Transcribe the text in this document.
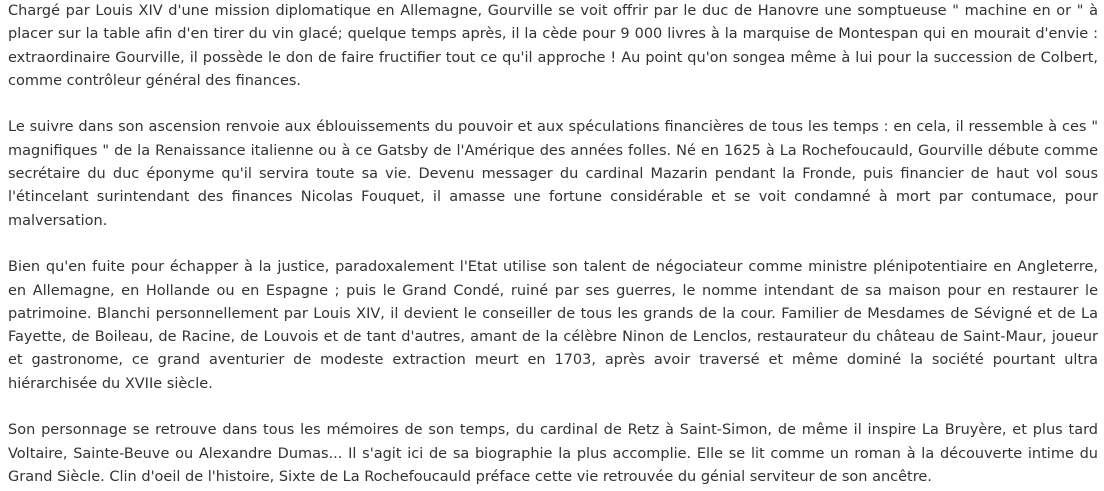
Chargé par Louis XIV d'une mission diplomatique en Allemagne, Gourville se voit offrir par le duc de Hanovre une somptueuse " machine en or " à placer sur la table afin d'en tirer du vin glacé; quelque temps après, il la cède pour 9 000 livres à la marquise de Montespan qui en mourait d'envie : extraordinaire Gourville, il possède le don de faire fructifier tout ce qu'il approche ! Au point qu'on songea même à lui pour la succession de Colbert, comme contrôleur général des finances.

Le suivre dans son ascension renvoie aux éblouissements du pouvoir et aux spéculations financières de tous les temps : en cela, il ressemble à ces " magnifiques " de la Renaissance italienne ou à ce Gatsby de l'Amérique des années folles. Né en 1625 à La Rochefoucauld, Gourville débute comme secrétaire du duc éponyme qu'il servira toute sa vie. Devenu messager du cardinal Mazarin pendant la Fronde, puis financier de haut vol sous l'étincelant surintendant des finances Nicolas Fouquet, il amasse une fortune considérable et se voit condamné à mort par contumace, pour malversation.

Bien qu'en fuite pour échapper à la justice, paradoxalement l'Etat utilise son talent de négociateur comme ministre plénipotentiaire en Angleterre, en Allemagne, en Hollande ou en Espagne ; puis le Grand Condé, ruiné par ses guerres, le nomme intendant de sa maison pour en restaurer le patrimoine. Blanchi personnellement par Louis XIV, il devient le conseiller de tous les grands de la cour. Familier de Mesdames de Sévigné et de La Fayette, de Boileau, de Racine, de Louvois et de tant d'autres, amant de la célèbre Ninon de Lenclos, restaurateur du château de Saint-Maur, joueur et gastronome, ce grand aventurier de modeste extraction meurt en 1703, après avoir traversé et même dominé la société pourtant ultra hiérarchisée du XVIIe siècle.

Son personnage se retrouve dans tous les mémoires de son temps, du cardinal de Retz à Saint-Simon, de même il inspire La Bruyère, et plus tard Voltaire, Sainte-Beuve ou Alexandre Dumas... Il s'agit ici de sa biographie la plus accomplie. Elle se lit comme un roman à la découverte intime du Grand Siècle. Clin d'oeil de l'histoire, Sixte de La Rochefoucauld préface cette vie retrouvée du génial serviteur de son ancêtre.
